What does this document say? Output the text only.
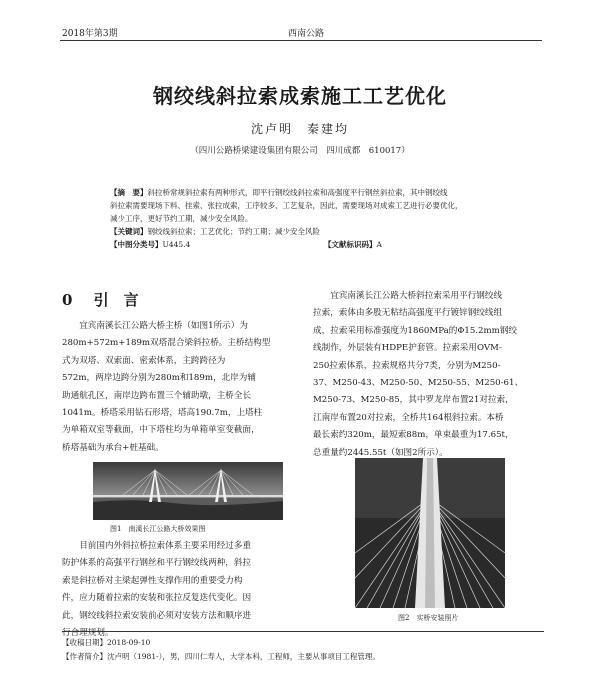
2018年第3期	西南公路
钢绞线斜拉索成索施工工艺优化
沈卢明　秦建均
（四川公路桥梁建设集团有限公司　四川成都　610017）
【摘　要】斜拉桥常规斜拉索有两种形式，即平行钢绞线斜拉索和高强度平行钢丝斜拉索，其中钢绞线
斜拉索需要现场下料、挂索、张拉成索，工序较多、工艺复杂，因此，需要现场对成索工艺进行必要优化，
减少工序，更好节约工期，减少安全风险。
【关键词】钢绞线斜拉索；工艺优化；节约工期；减少安全风险
【中图分类号】U445.4	【文献标识码】A
0 引　言
宜宾南溪长江公路大桥主桥（如图1所示）为
280m+572m+189m双塔混合梁斜拉桥。主桥结构型
式为双塔、双索面、密索体系，主跨跨径为
572m，两岸边跨分别为280m和189m，北岸为辅
助通航孔区，南岸边跨布置三个辅助墩，主桥全长
1041m。桥塔采用钻石形塔，塔高190.7m，上塔柱
为单箱双室等截面，中下塔柱均为单箱单室变截面，
桥塔基础为承台+桩基础。
图1　南溪长江公路大桥效果图
目前国内外斜拉桥拉索体系主要采用经过多重
防护体系的高强平行钢丝和平行钢绞线两种，斜拉
索是斜拉桥对主梁起弹性支撑作用的重要受力构
件，应力随着拉索的安装和张拉反复迭代变化。因
此，钢绞线斜拉索安装前必须对安装方法和顺序进
行合理规划。
宜宾南溪长江公路大桥斜拉索采用平行钢绞线
拉索，索体由多股无粘结高强度平行镀锌钢绞线组
成，拉索采用标准强度为1860MPa的Φ15.2mm钢绞
线制作，外层装有HDPE护套管。拉索采用OVM-
250拉索体系，拉索规格共分7类，分别为M250-
37、M250-43、M250-50、M250-55、M250-61、
M250-73、M250-85，其中罗龙岸布置21对拉索，
江南岸布置20对拉索，全桥共164根斜拉索。本桥
最长索约320m，最短索88m，单束最重为17.65t，
总重量约2445.55t（如图2所示）。
图2　实桥安装照片
【收稿日期】2018-09-10
【作者简介】沈卢明（1981-），男，四川仁寿人，大学本科，工程师，主要从事项目工程管理。
